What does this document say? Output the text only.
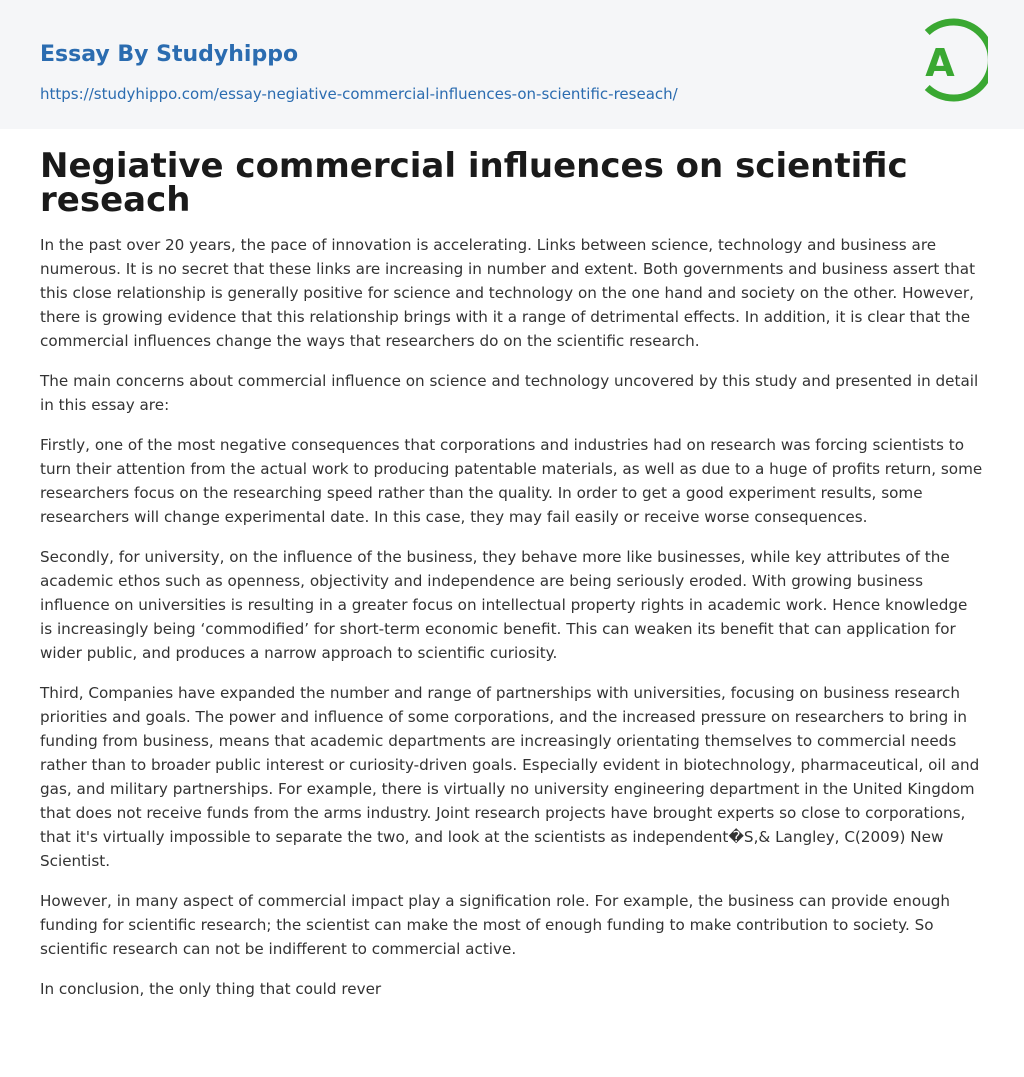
Essay By Studyhippo
https://studyhippo.com/essay-negiative-commercial-influences-on-scientific-reseach/
A
Negiative commercial influences on scientific reseach

In the past over 20 years, the pace of innovation is accelerating. Links between science, technology and business are numerous. It is no secret that these links are increasing in number and extent. Both governments and business assert that this close relationship is generally positive for science and technology on the one hand and society on the other. However, there is growing evidence that this relationship brings with it a range of detrimental effects. In addition, it is clear that the commercial influences change the ways that researchers do on the scientific research.

The main concerns about commercial influence on science and technology uncovered by this study and presented in detail in this essay are:

Firstly, one of the most negative consequences that corporations and industries had on research was forcing scientists to turn their attention from the actual work to producing patentable materials, as well as due to a huge of profits return, some researchers focus on the researching speed rather than the quality. In order to get a good experiment results, some researchers will change experimental date. In this case, they may fail easily or receive worse consequences.

Secondly, for university, on the influence of the business, they behave more like businesses, while key attributes of the academic ethos such as openness, objectivity and independence are being seriously eroded. With growing business influence on universities is resulting in a greater focus on intellectual property rights in academic work. Hence knowledge is increasingly being ‘commodified’ for short-term economic benefit. This can weaken its benefit that can application for wider public, and produces a narrow approach to scientific curiosity.

Third, Companies have expanded the number and range of partnerships with universities, focusing on business research priorities and goals. The power and influence of some corporations, and the increased pressure on researchers to bring in funding from business, means that academic departments are increasingly orientating themselves to commercial needs rather than to broader public interest or curiosity-driven goals. Especially evident in biotechnology, pharmaceutical, oil and gas, and military partnerships. For example, there is virtually no university engineering department in the United Kingdom that does not receive funds from the arms industry. Joint research projects have brought experts so close to corporations, that it's virtually impossible to separate the two, and look at the scientists as independent�S,& Langley, C(2009) New Scientist.

However, in many aspect of commercial impact play a signification role. For example, the business can provide enough funding for scientific research; the scientist can make the most of enough funding to make contribution to society. So scientific research can not be indifferent to commercial active.

In conclusion, the only thing that could rever
